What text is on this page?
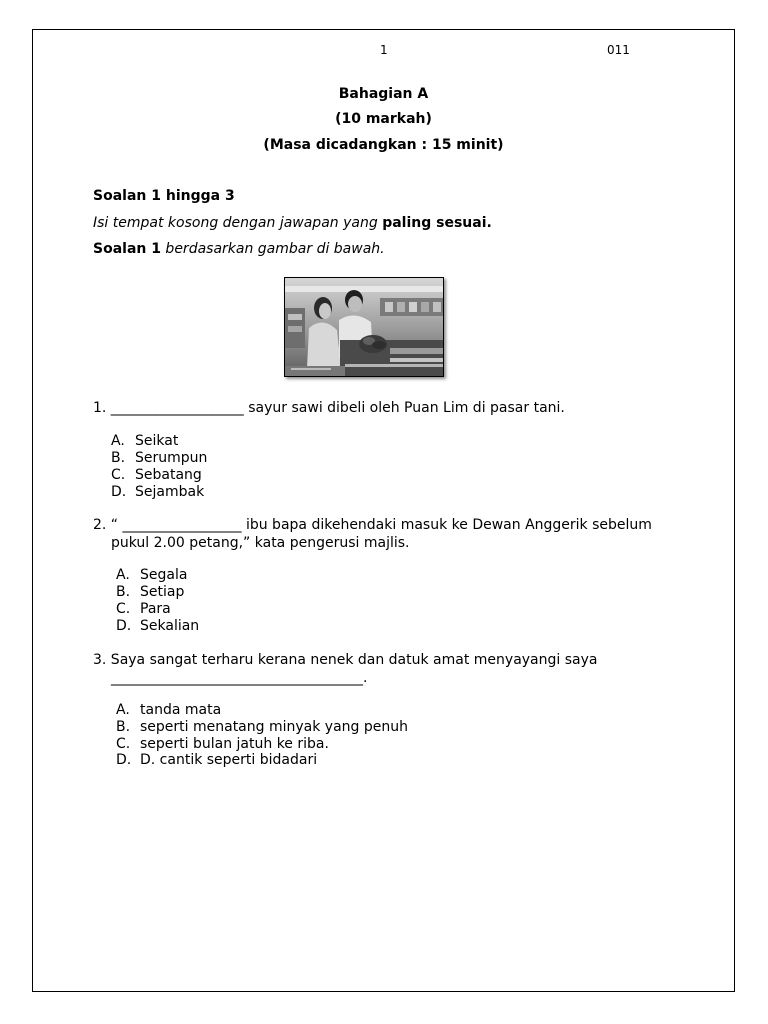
1	011
Bahagian A
(10 markah)
(Masa dicadangkan : 15 minit)
Soalan 1 hingga 3
Isi tempat kosong dengan jawapan yang paling sesuai.
Soalan 1 berdasarkan gambar di bawah.
1. ___________________ sayur sawi dibeli oleh Puan Lim di pasar tani.
A. Seikat
B. Serumpun
C. Sebatang
D. Sejambak
2. “ _________________ ibu bapa dikehendaki masuk ke Dewan Anggerik sebelum
pukul 2.00 petang,” kata pengerusi majlis.
A. Segala
B. Setiap
C. Para
D. Sekalian
3. Saya sangat terharu kerana nenek dan datuk amat menyayangi saya
____________________________________.
A. tanda mata
B. seperti menatang minyak yang penuh
C. seperti bulan jatuh ke riba.
D. D. cantik seperti bidadari
